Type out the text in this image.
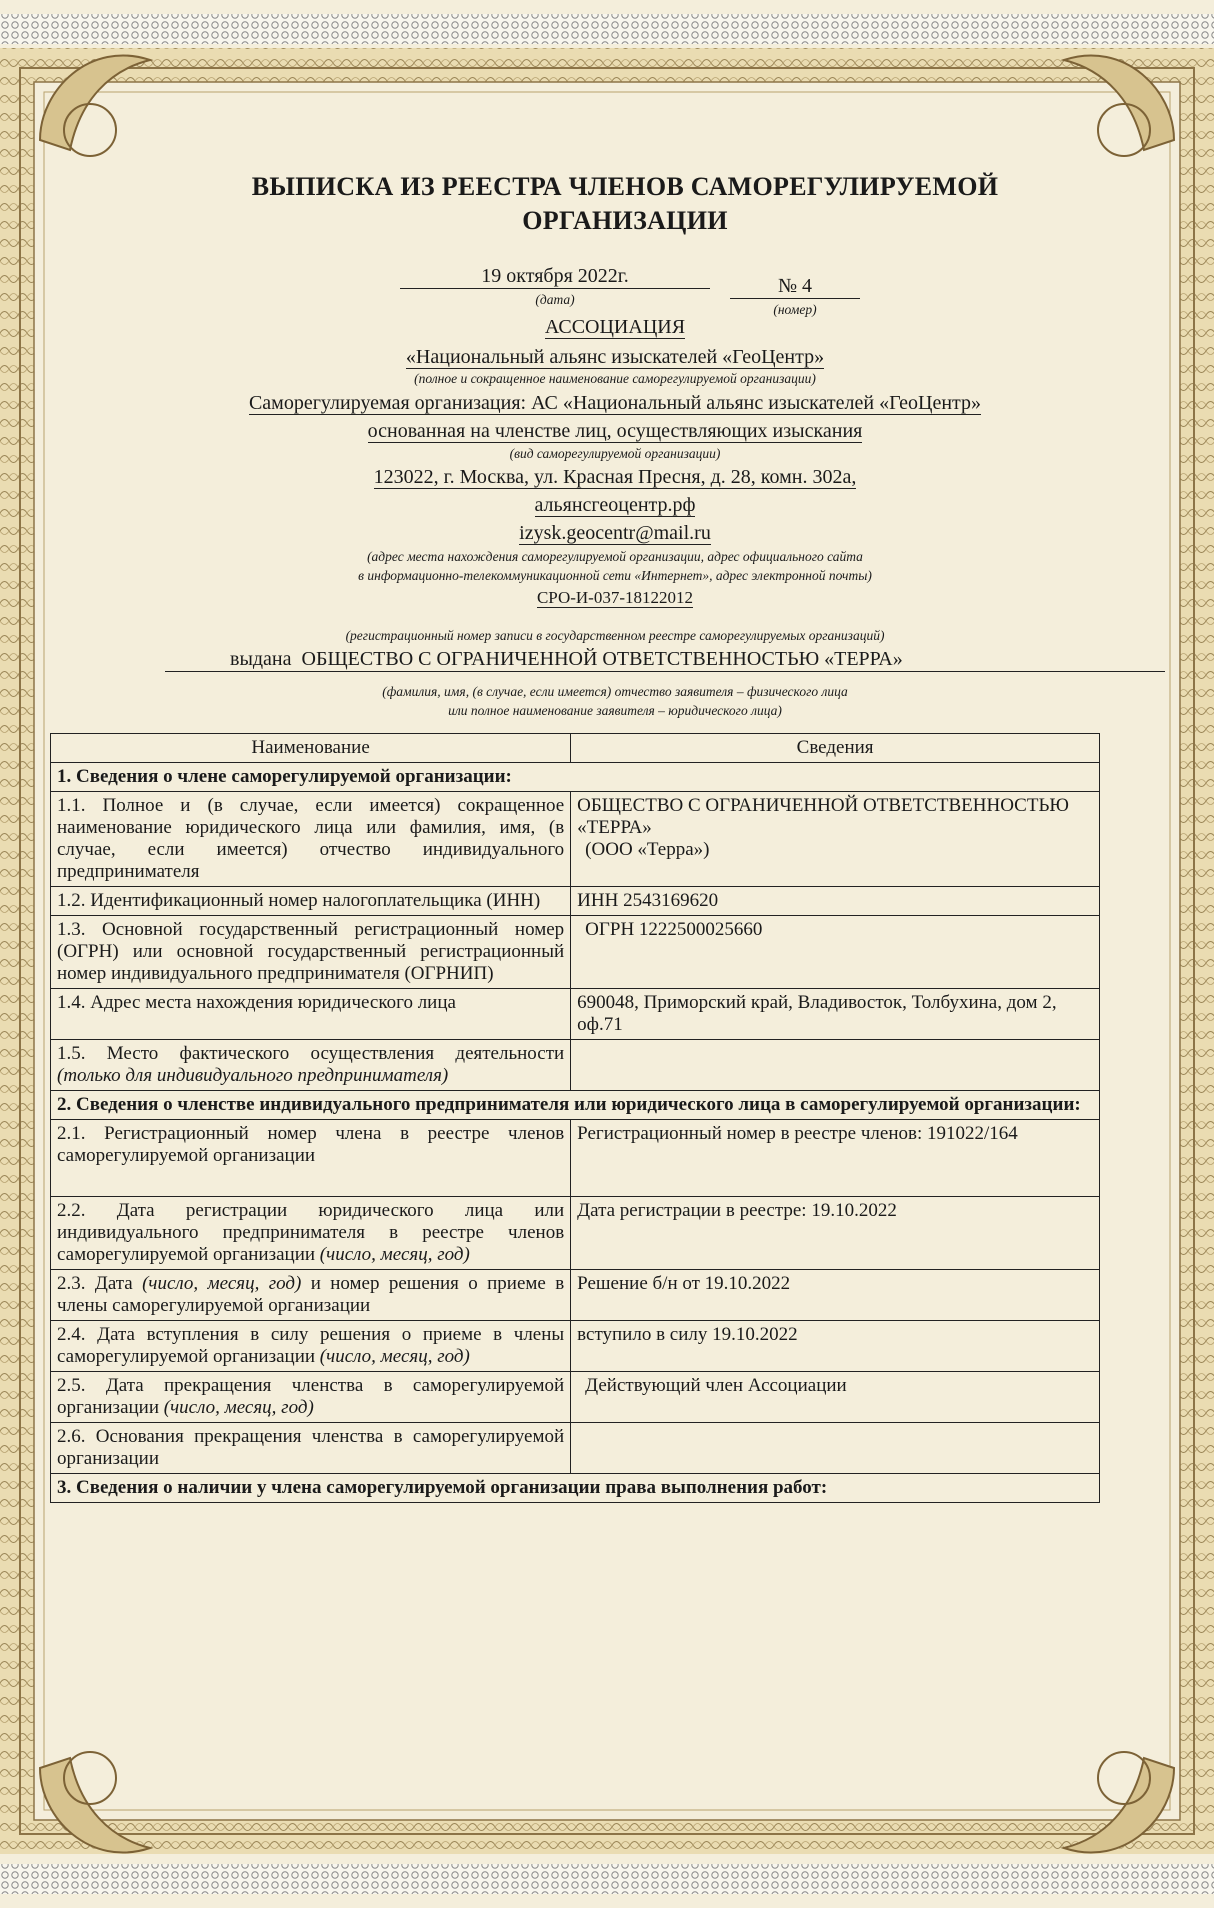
ВЫПИСКА ИЗ РЕЕСТРА ЧЛЕНОВ САМОРЕГУЛИРУЕМОЙ ОРГАНИЗАЦИИ
19 октября 2022г.
(дата)
№ 4
(номер)
АССОЦИАЦИЯ
«Национальный альянс изыскателей «ГеоЦентр»
(полное и сокращенное наименование саморегулируемой организации)
Саморегулируемая организация: АС «Национальный альянс изыскателей «ГеоЦентр»
основанная на членстве лиц, осуществляющих изыскания
(вид саморегулируемой организации)
123022, г. Москва, ул. Красная Пресня, д. 28, комн. 302а,
альянсгеоцентр.рф
izysk.geocentr@mail.ru
(адрес места нахождения саморегулируемой организации, адрес официального сайта
в информационно-телекоммуникационной сети «Интернет», адрес электронной почты)
СРО-И-037-18122012
(регистрационный номер записи в государственном реестре саморегулируемых организаций)
выдана ОБЩЕСТВО С ОГРАНИЧЕННОЙ ОТВЕТСТВЕННОСТЬЮ «ТЕРРА»
(фамилия, имя, (в случае, если имеется) отчество заявителя – физического лица
или полное наименование заявителя – юридического лица)
Наименование	Сведения
1. Сведения о члене саморегулируемой организации:	
1.1. Полное и (в случае, если имеется) сокращенное наименование юридического лица или фамилия, имя, (в случае, если имеется) отчество индивидуального предпринимателя	ОБЩЕСТВО С ОГРАНИЧЕННОЙ ОТВЕТСТВЕННОСТЬЮ «ТЕРРА»
(ООО «Терра»)

1.2. Идентификационный номер налогоплательщика (ИНН)	ИНН 2543169620
1.3. Основной государственный регистрационный номер (ОГРН) или основной государственный регистрационный номер индивидуального предпринимателя (ОГРНИП)	ОГРН 1222500025660
1.4. Адрес места нахождения юридического лица	690048, Приморский край, Владивосток, Толбухина, дом 2, оф.71
1.5. Место фактического осуществления деятельности (только для индивидуального предпринимателя)	
2. Сведения о членстве индивидуального предпринимателя или юридического лица в саморегулируемой организации:	
2.1. Регистрационный номер члена в реестре членов саморегулируемой организации	Регистрационный номер в реестре членов: 191022/164
2.2. Дата регистрации юридического лица или индивидуального предпринимателя в реестре членов саморегулируемой организации (число, месяц, год)	Дата регистрации в реестре: 19.10.2022
2.3. Дата (число, месяц, год) и номер решения о приеме в члены саморегулируемой организации	Решение б/н от 19.10.2022
2.4. Дата вступления в силу решения о приеме в члены саморегулируемой организации (число, месяц, год)	вступило в силу 19.10.2022
2.5. Дата прекращения членства в саморегулируемой организации (число, месяц, год)	Действующий член Ассоциации
2.6. Основания прекращения членства в саморегулируемой организации	
3. Сведения о наличии у члена саморегулируемой организации права выполнения работ:	
